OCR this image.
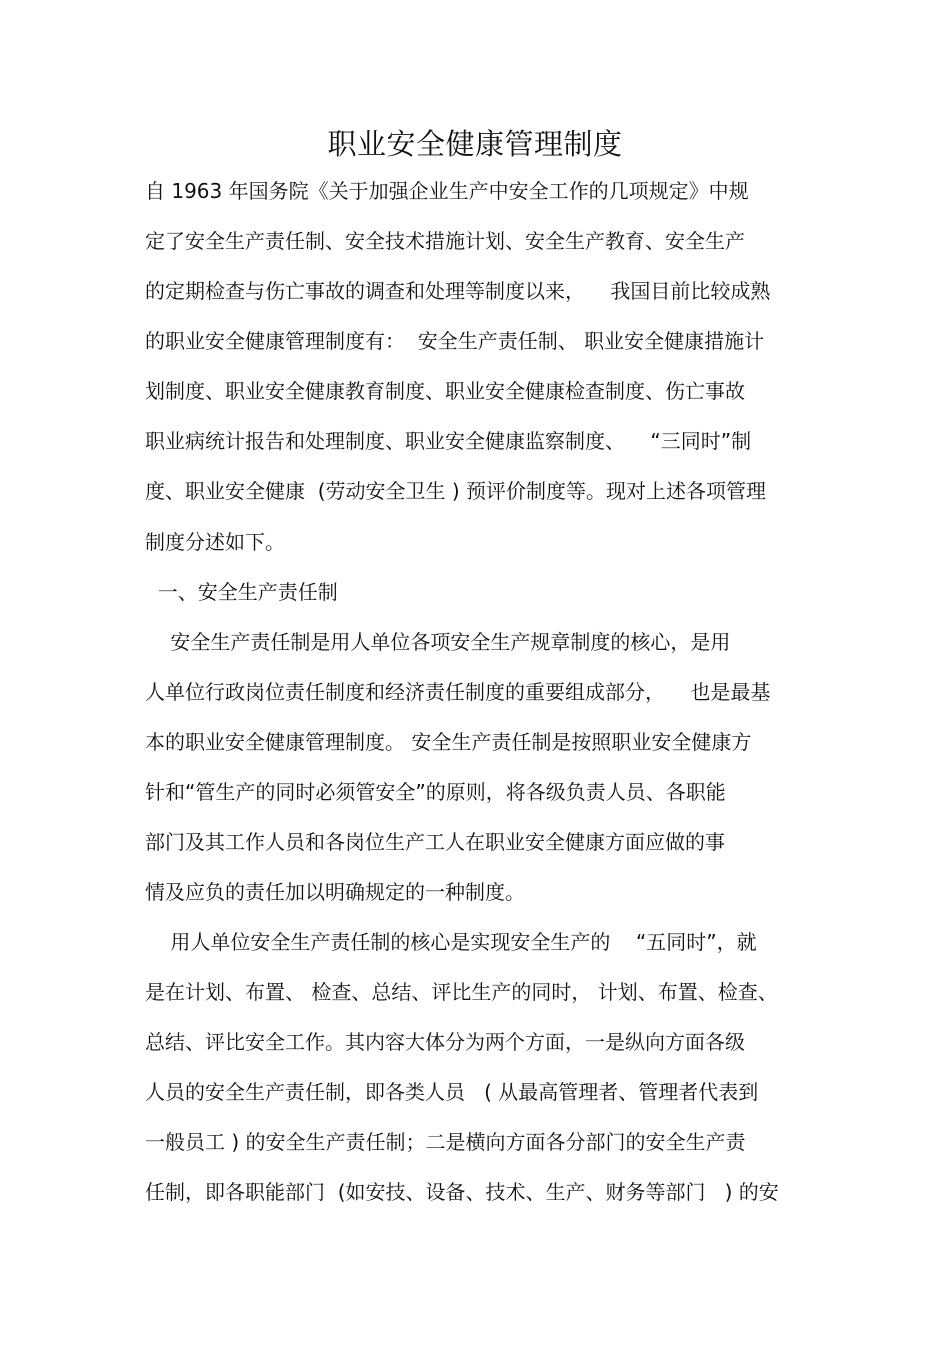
职业安全健康管理制度

自 1963 年国务院《关于加强企业生产中安全工作的几项规定》中规

定了安全生产责任制、安全技术措施计划、安全生产教育、安全生产

的定期检查与伤亡事故的调查和处理等制度以来，    我国目前比较成熟

的职业安全健康管理制度有：  安全生产责任制、 职业安全健康措施计

划制度、职业安全健康教育制度、职业安全健康检查制度、伤亡事故

职业病统计报告和处理制度、职业安全健康监察制度、    “三同时”制

度、职业安全健康  (劳动安全卫生 ) 预评价制度等。现对上述各项管理

制度分述如下。

一、安全生产责任制

安全生产责任制是用人单位各项安全生产规章制度的核心，是用

人单位行政岗位责任制度和经济责任制度的重要组成部分，    也是最基

本的职业安全健康管理制度。 安全生产责任制是按照职业安全健康方

针和“管生产的同时必须管安全”的原则，将各级负责人员、各职能

部门及其工作人员和各岗位生产工人在职业安全健康方面应做的事

情及应负的责任加以明确规定的一种制度。

用人单位安全生产责任制的核心是实现安全生产的    “五同时”，就

是在计划、布置、 检查、总结、评比生产的同时， 计划、布置、检查、

总结、评比安全工作。其内容大体分为两个方面，一是纵向方面各级

人员的安全生产责任制，即各类人员   ( 从最高管理者、管理者代表到

一般员工 ) 的安全生产责任制；二是横向方面各分部门的安全生产责

任制，即各职能部门  (如安技、设备、技术、生产、财务等部门   ) 的安
